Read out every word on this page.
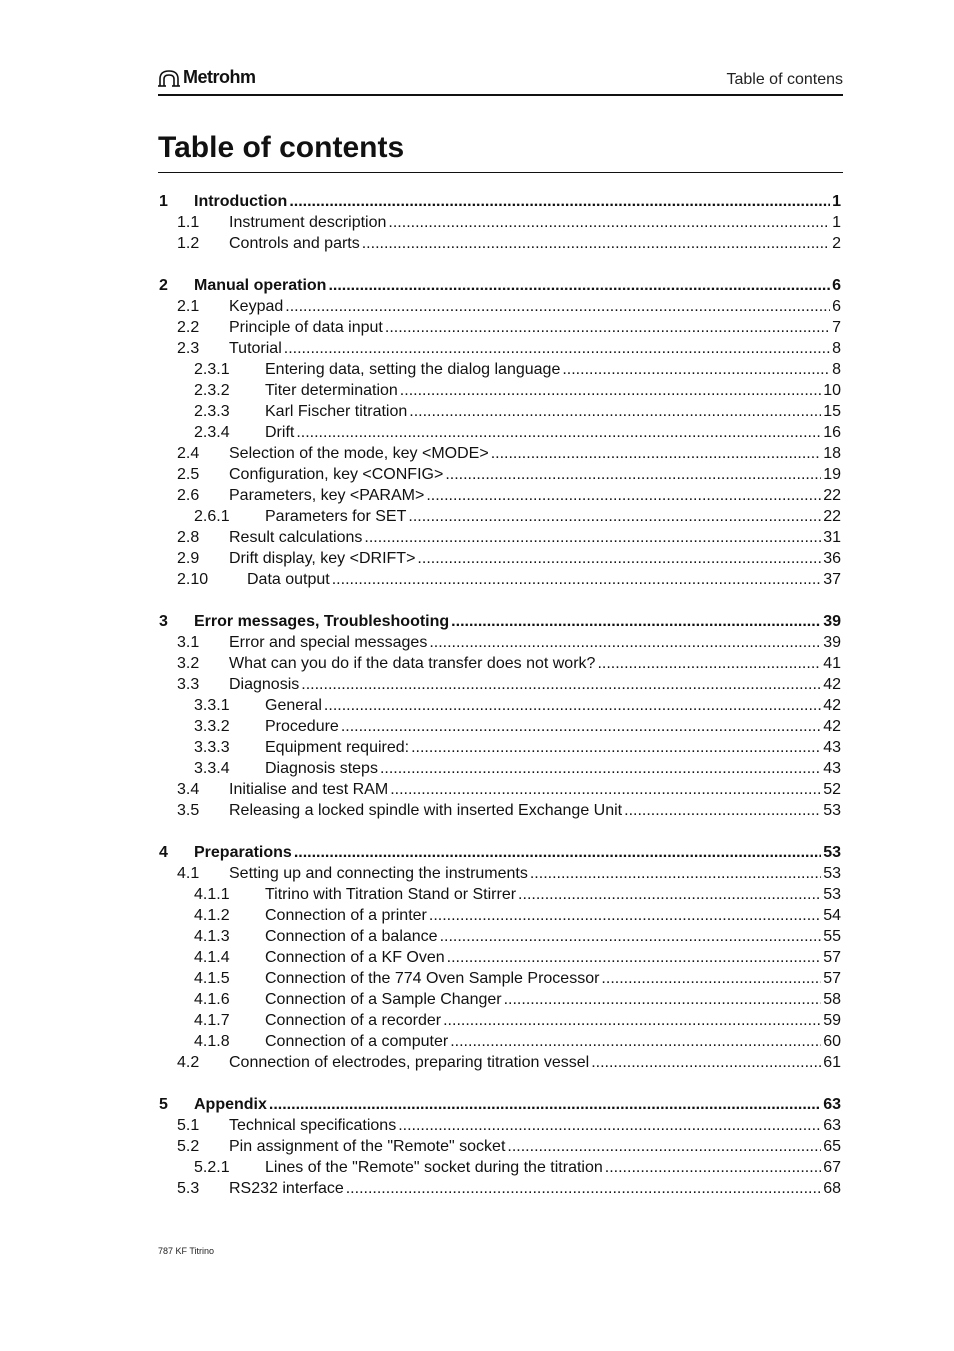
Metrohm	Table of contens
Table of contents
1 Introduction .....	1
1.1 Instrument description .....	1
1.2 Controls and parts .....	2
2 Manual operation .....	6
2.1 Keypad .....	6
2.2 Principle of data input .....	7
2.3 Tutorial .....	8
2.3.1 Entering data, setting the dialog language .....	8
2.3.2 Titer determination .....	10
2.3.3 Karl Fischer titration .....	15
2.3.4 Drift .....	16
2.4 Selection of the mode, key <MODE> .....	18
2.5 Configuration, key <CONFIG> .....	19
2.6 Parameters, key <PARAM> .....	22
2.6.1 Parameters for SET .....	22
2.8 Result calculations .....	31
2.9 Drift display, key <DRIFT> .....	36
2.10 Data output .....	37
3 Error messages, Troubleshooting .....	39
3.1 Error and special messages .....	39
3.2 What can you do if the data transfer does not work? .....	41
3.3 Diagnosis .....	42
3.3.1 General .....	42
3.3.2 Procedure .....	42
3.3.3 Equipment required: .....	43
3.3.4 Diagnosis steps .....	43
3.4 Initialise and test RAM .....	52
3.5 Releasing a locked spindle with inserted Exchange Unit .....	53
4 Preparations .....	53
4.1 Setting up and connecting the instruments .....	53
4.1.1 Titrino with Titration Stand or Stirrer .....	53
4.1.2 Connection of a printer .....	54
4.1.3 Connection of a balance .....	55
4.1.4 Connection of a KF Oven .....	57
4.1.5 Connection of the 774 Oven Sample Processor .....	57
4.1.6 Connection of a Sample Changer .....	58
4.1.7 Connection of a recorder .....	59
4.1.8 Connection of a computer .....	60
4.2 Connection of electrodes, preparing titration vessel .....	61
5 Appendix .....	63
5.1 Technical specifications .....	63
5.2 Pin assignment of the "Remote" socket .....	65
5.2.1 Lines of the "Remote" socket during the titration .....	67
5.3 RS232 interface .....	68
787 KF Titrino
